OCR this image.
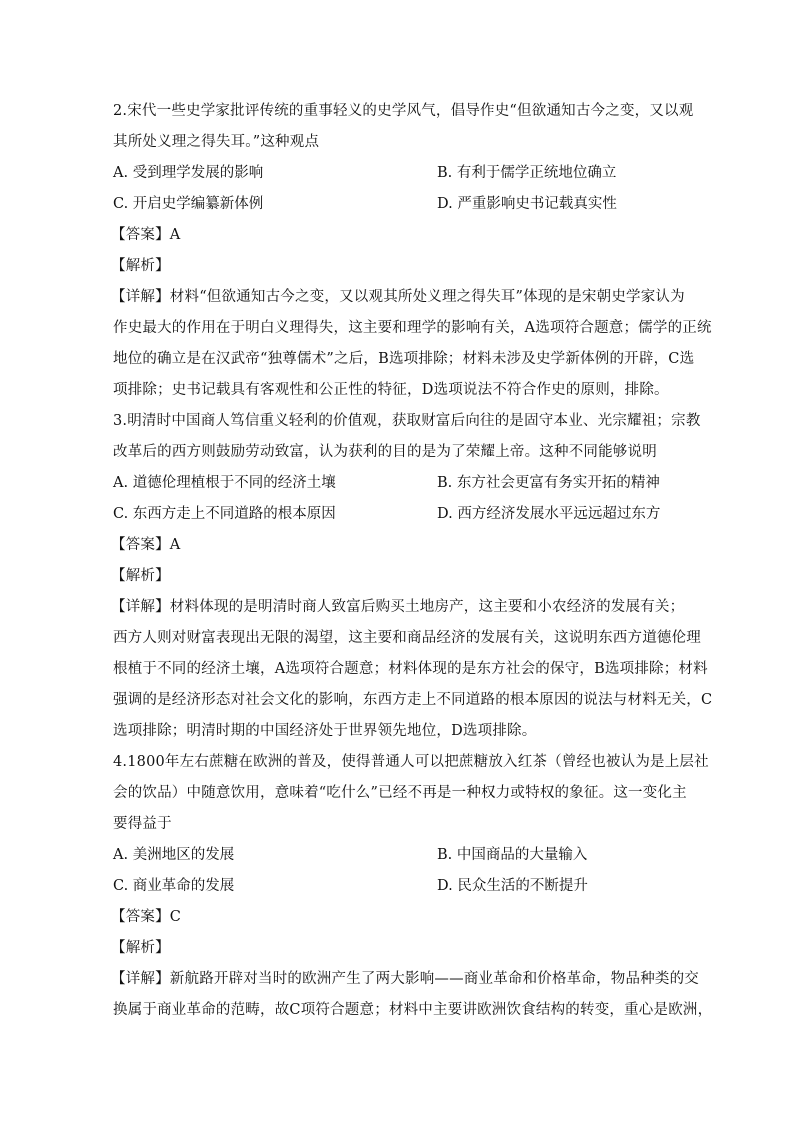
2.宋代一些史学家批评传统的重事轻义的史学风气，倡导作史“但欲通知古今之变，又以观
其所处义理之得失耳。”这种观点
A. 受到理学发展的影响	B. 有利于儒学正统地位确立
C. 开启史学编纂新体例	D. 严重影响史书记载真实性
【答案】A
【解析】
【详解】材料“但欲通知古今之变，又以观其所处义理之得失耳”体现的是宋朝史学家认为
作史最大的作用在于明白义理得失，这主要和理学的影响有关，A选项符合题意；儒学的正统
地位的确立是在汉武帝“独尊儒术”之后，B选项排除；材料未涉及史学新体例的开辟，C选
项排除；史书记载具有客观性和公正性的特征，D选项说法不符合作史的原则，排除。
3.明清时中国商人笃信重义轻利的价值观，获取财富后向往的是固守本业、光宗耀祖；宗教
改革后的西方则鼓励劳动致富，认为获利的目的是为了荣耀上帝。这种不同能够说明
A. 道德伦理植根于不同的经济土壤	B. 东方社会更富有务实开拓的精神
C. 东西方走上不同道路的根本原因	D. 西方经济发展水平远远超过东方
【答案】A
【解析】
【详解】材料体现的是明清时商人致富后购买土地房产，这主要和小农经济的发展有关；
西方人则对财富表现出无限的渴望，这主要和商品经济的发展有关，这说明东西方道德伦理
根植于不同的经济土壤，A选项符合题意；材料体现的是东方社会的保守，B选项排除；材料
强调的是经济形态对社会文化的影响，东西方走上不同道路的根本原因的说法与材料无关，C
选项排除；明清时期的中国经济处于世界领先地位，D选项排除。
4.1800年左右蔗糖在欧洲的普及，使得普通人可以把蔗糖放入红茶（曾经也被认为是上层社
会的饮品）中随意饮用，意味着“吃什么”已经不再是一种权力或特权的象征。这一变化主
要得益于
A. 美洲地区的发展	B. 中国商品的大量输入
C. 商业革命的发展	D. 民众生活的不断提升
【答案】C
【解析】
【详解】新航路开辟对当时的欧洲产生了两大影响——商业革命和价格革命，物品种类的交
换属于商业革命的范畴，故C项符合题意；材料中主要讲欧洲饮食结构的转变，重心是欧洲，
